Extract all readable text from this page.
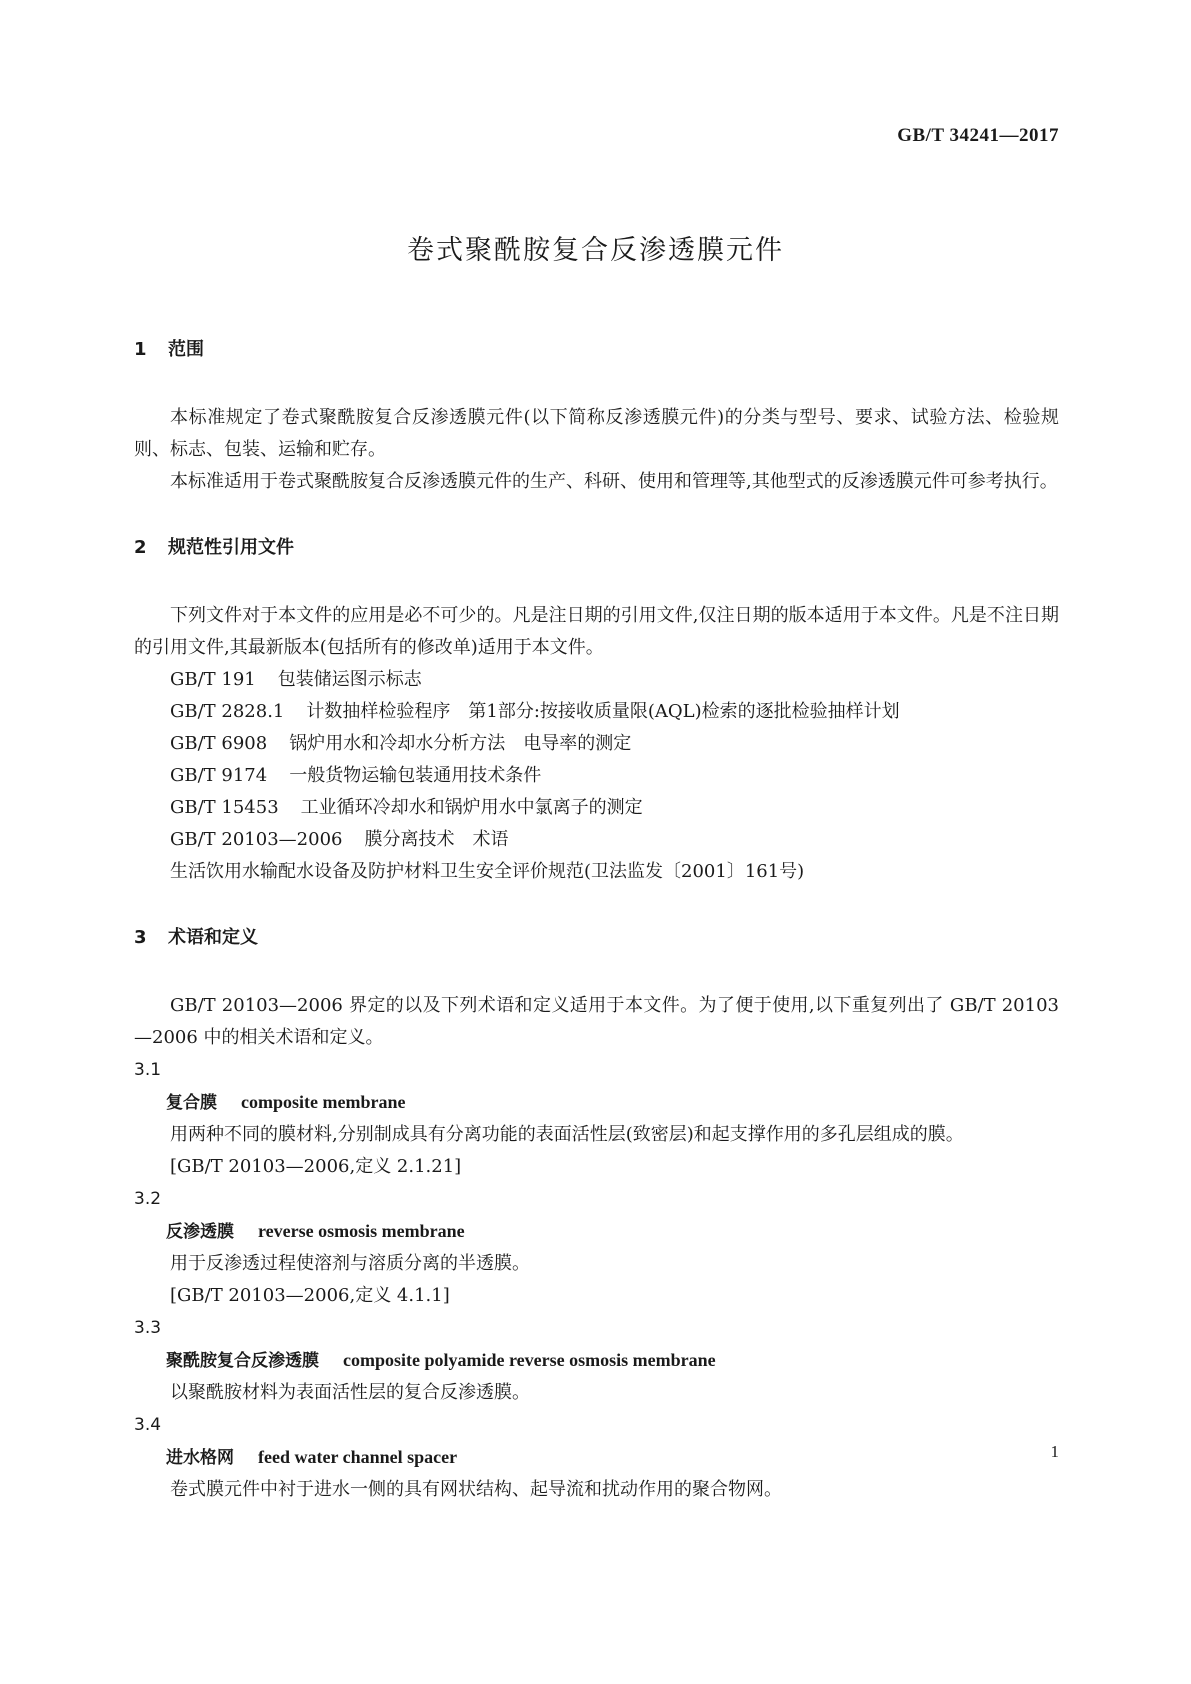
GB/T 34241—2017
卷式聚酰胺复合反渗透膜元件
1 范围

本标准规定了卷式聚酰胺复合反渗透膜元件(以下简称反渗透膜元件)的分类与型号、要求、试验方法、检验规则、标志、包装、运输和贮存。

本标准适用于卷式聚酰胺复合反渗透膜元件的生产、科研、使用和管理等,其他型式的反渗透膜元件可参考执行。

2 规范性引用文件

下列文件对于本文件的应用是必不可少的。凡是注日期的引用文件,仅注日期的版本适用于本文件。凡是不注日期的引用文件,其最新版本(包括所有的修改单)适用于本文件。

GB/T 191 包装储运图示标志
GB/T 2828.1 计数抽样检验程序　第1部分:按接收质量限(AQL)检索的逐批检验抽样计划
GB/T 6908 锅炉用水和冷却水分析方法　电导率的测定
GB/T 9174 一般货物运输包装通用技术条件
GB/T 15453 工业循环冷却水和锅炉用水中氯离子的测定
GB/T 20103—2006 膜分离技术　术语
生活饮用水输配水设备及防护材料卫生安全评价规范(卫法监发〔2001〕161号)
3 术语和定义

GB/T 20103—2006 界定的以及下列术语和定义适用于本文件。为了便于使用,以下重复列出了 GB/T 20103—2006 中的相关术语和定义。

3.1
复合膜 composite membrane

用两种不同的膜材料,分别制成具有分离功能的表面活性层(致密层)和起支撑作用的多孔层组成的膜。

[GB/T 20103—2006,定义 2.1.21]
3.2
反渗透膜 reverse osmosis membrane

用于反渗透过程使溶剂与溶质分离的半透膜。

[GB/T 20103—2006,定义 4.1.1]
3.3
聚酰胺复合反渗透膜 composite polyamide reverse osmosis membrane

以聚酰胺材料为表面活性层的复合反渗透膜。

3.4
进水格网 feed water channel spacer

卷式膜元件中衬于进水一侧的具有网状结构、起导流和扰动作用的聚合物网。

1
